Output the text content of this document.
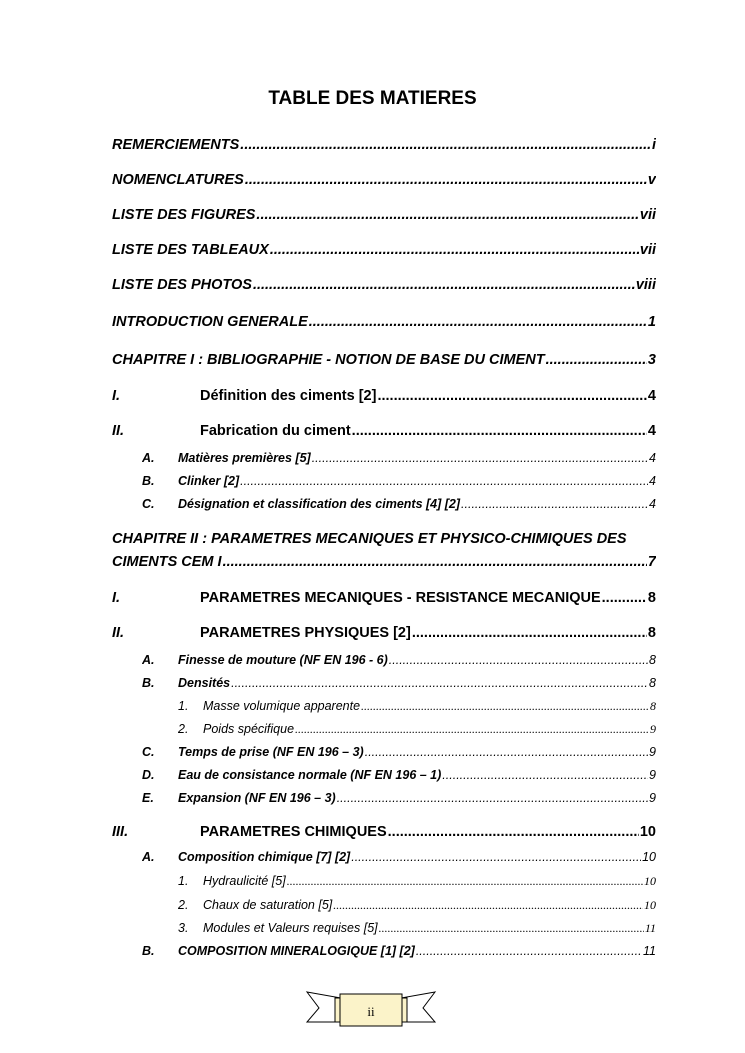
TABLE DES MATIERES
REMERCIEMENTS .....	i
NOMENCLATURES .....	v
LISTE DES FIGURES .....	vii
LISTE DES TABLEAUX .....	vii
LISTE DES PHOTOS .....	viii
INTRODUCTION GENERALE .....	1
CHAPITRE I : BIBLIOGRAPHIE - NOTION DE BASE DU CIMENT .....	3
I.	Définition des ciments [2] .....	4
II.	Fabrication du ciment .....	4
A. Matières premières [5] .....	4
B. Clinker [2] .....	4
C. Désignation et classification des ciments [4] [2] .....	4
CHAPITRE II : PARAMETRES MECANIQUES ET PHYSICO-CHIMIQUES DES
CIMENTS CEM I .....	7
I.	PARAMETRES MECANIQUES - RESISTANCE MECANIQUE .....	8
II.	PARAMETRES PHYSIQUES [2] .....	8
A. Finesse de mouture (NF EN 196 - 6) .....	8
B. Densités .....	8
1. Masse volumique apparente .....	8
2. Poids spécifique .....	9
C. Temps de prise (NF EN 196 – 3) .....	9
D. Eau de consistance normale (NF EN 196 – 1) .....	9
E. Expansion (NF EN 196 – 3) .....	9
III.	PARAMETRES CHIMIQUES .....	10
A. Composition chimique [7] [2] .....	10
1. Hydraulicité [5] .....	10
2. Chaux de saturation [5] .....	10
3. Modules et Valeurs requises [5] .....	11
B. COMPOSITION MINERALOGIQUE [1] [2] .....	11
ii
